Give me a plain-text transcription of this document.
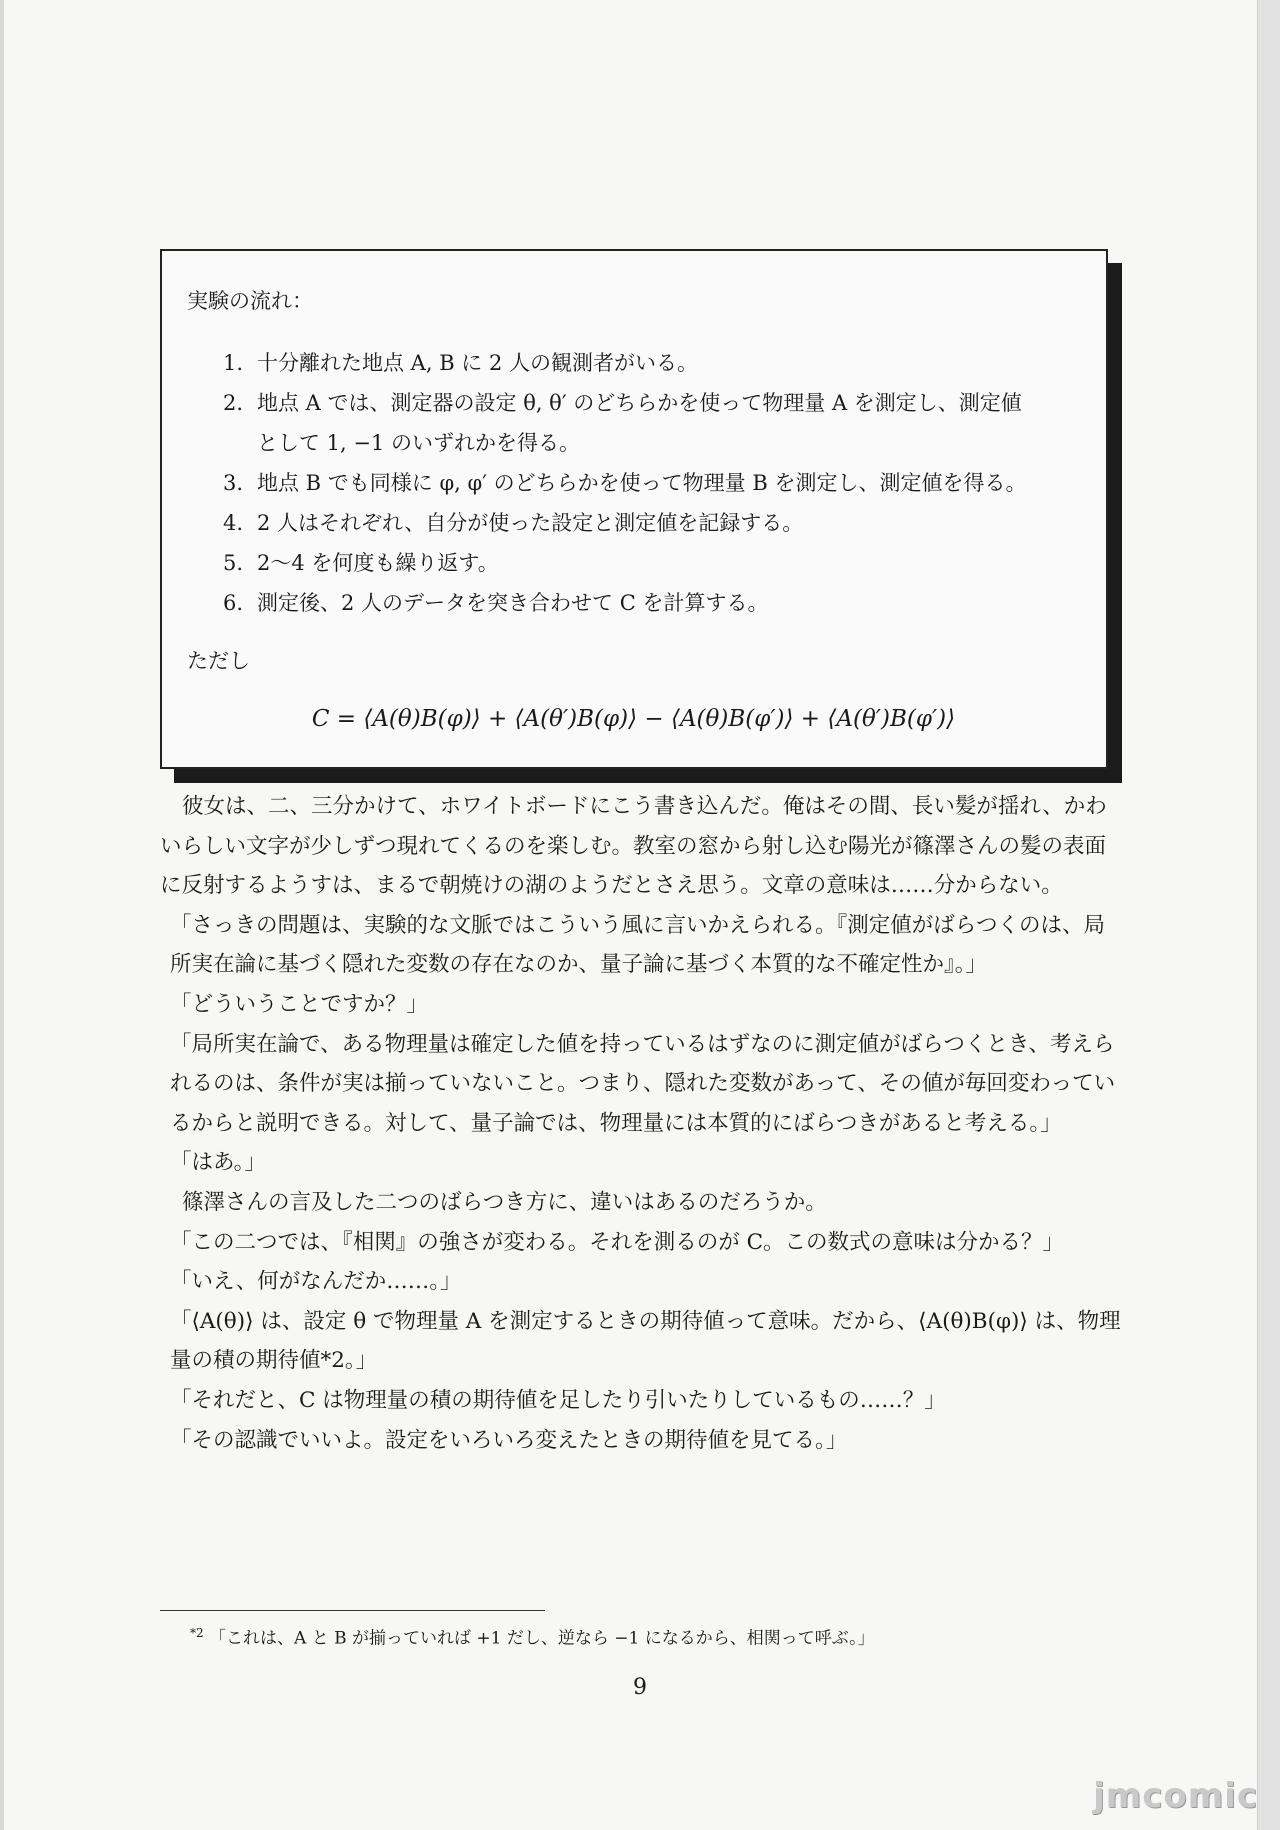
実験の流れ：

1. 十分離れた地点 A, B に 2 人の観測者がいる。
2. 地点 A では、測定器の設定 θ, θ′ のどちらかを使って物理量 A を測定し、測定値
として 1, −1 のいずれかを得る。
3. 地点 B でも同様に φ, φ′ のどちらかを使って物理量 B を測定し、測定値を得る。
4. 2 人はそれぞれ、自分が使った設定と測定値を記録する。
5. 2〜4 を何度も繰り返す。
6. 測定後、2 人のデータを突き合わせて C を計算する。

ただし

C = ⟨A(θ)B(φ)⟩ + ⟨A(θ′)B(φ)⟩ − ⟨A(θ)B(φ′)⟩ + ⟨A(θ′)B(φ′)⟩

彼女は、二、三分かけて、ホワイトボードにこう書き込んだ。俺はその間、長い髪が揺れ、かわいらしい文字が少しずつ現れてくるのを楽しむ。教室の窓から射し込む陽光が篠澤さんの髪の表面に反射するようすは、まるで朝焼けの湖のようだとさえ思う。文章の意味は……分からない。

「さっきの問題は、実験的な文脈ではこういう風に言いかえられる。『測定値がばらつくのは、局所実在論に基づく隠れた変数の存在なのか、量子論に基づく本質的な不確定性か』。」

「どういうことですか？」

「局所実在論で、ある物理量は確定した値を持っているはずなのに測定値がばらつくとき、考えられるのは、条件が実は揃っていないこと。つまり、隠れた変数があって、その値が毎回変わっているからと説明できる。対して、量子論では、物理量には本質的にばらつきがあると考える。」

「はあ。」

篠澤さんの言及した二つのばらつき方に、違いはあるのだろうか。

「この二つでは、『相関』の強さが変わる。それを測るのが C。この数式の意味は分かる？」

「いえ、何がなんだか……。」

「⟨A(θ)⟩ は、設定 θ で物理量 A を測定するときの期待値って意味。だから、⟨A(θ)B(φ)⟩ は、物理量の積の期待値*2。」

「それだと、C は物理量の積の期待値を足したり引いたりしているもの……？」

「その認識でいいよ。設定をいろいろ変えたときの期待値を見てる。」

$^{*2}$ 「これは、A と B が揃っていれば +1 だし、逆なら −1 になるから、相関って呼ぶ。」
9
jmcomic
